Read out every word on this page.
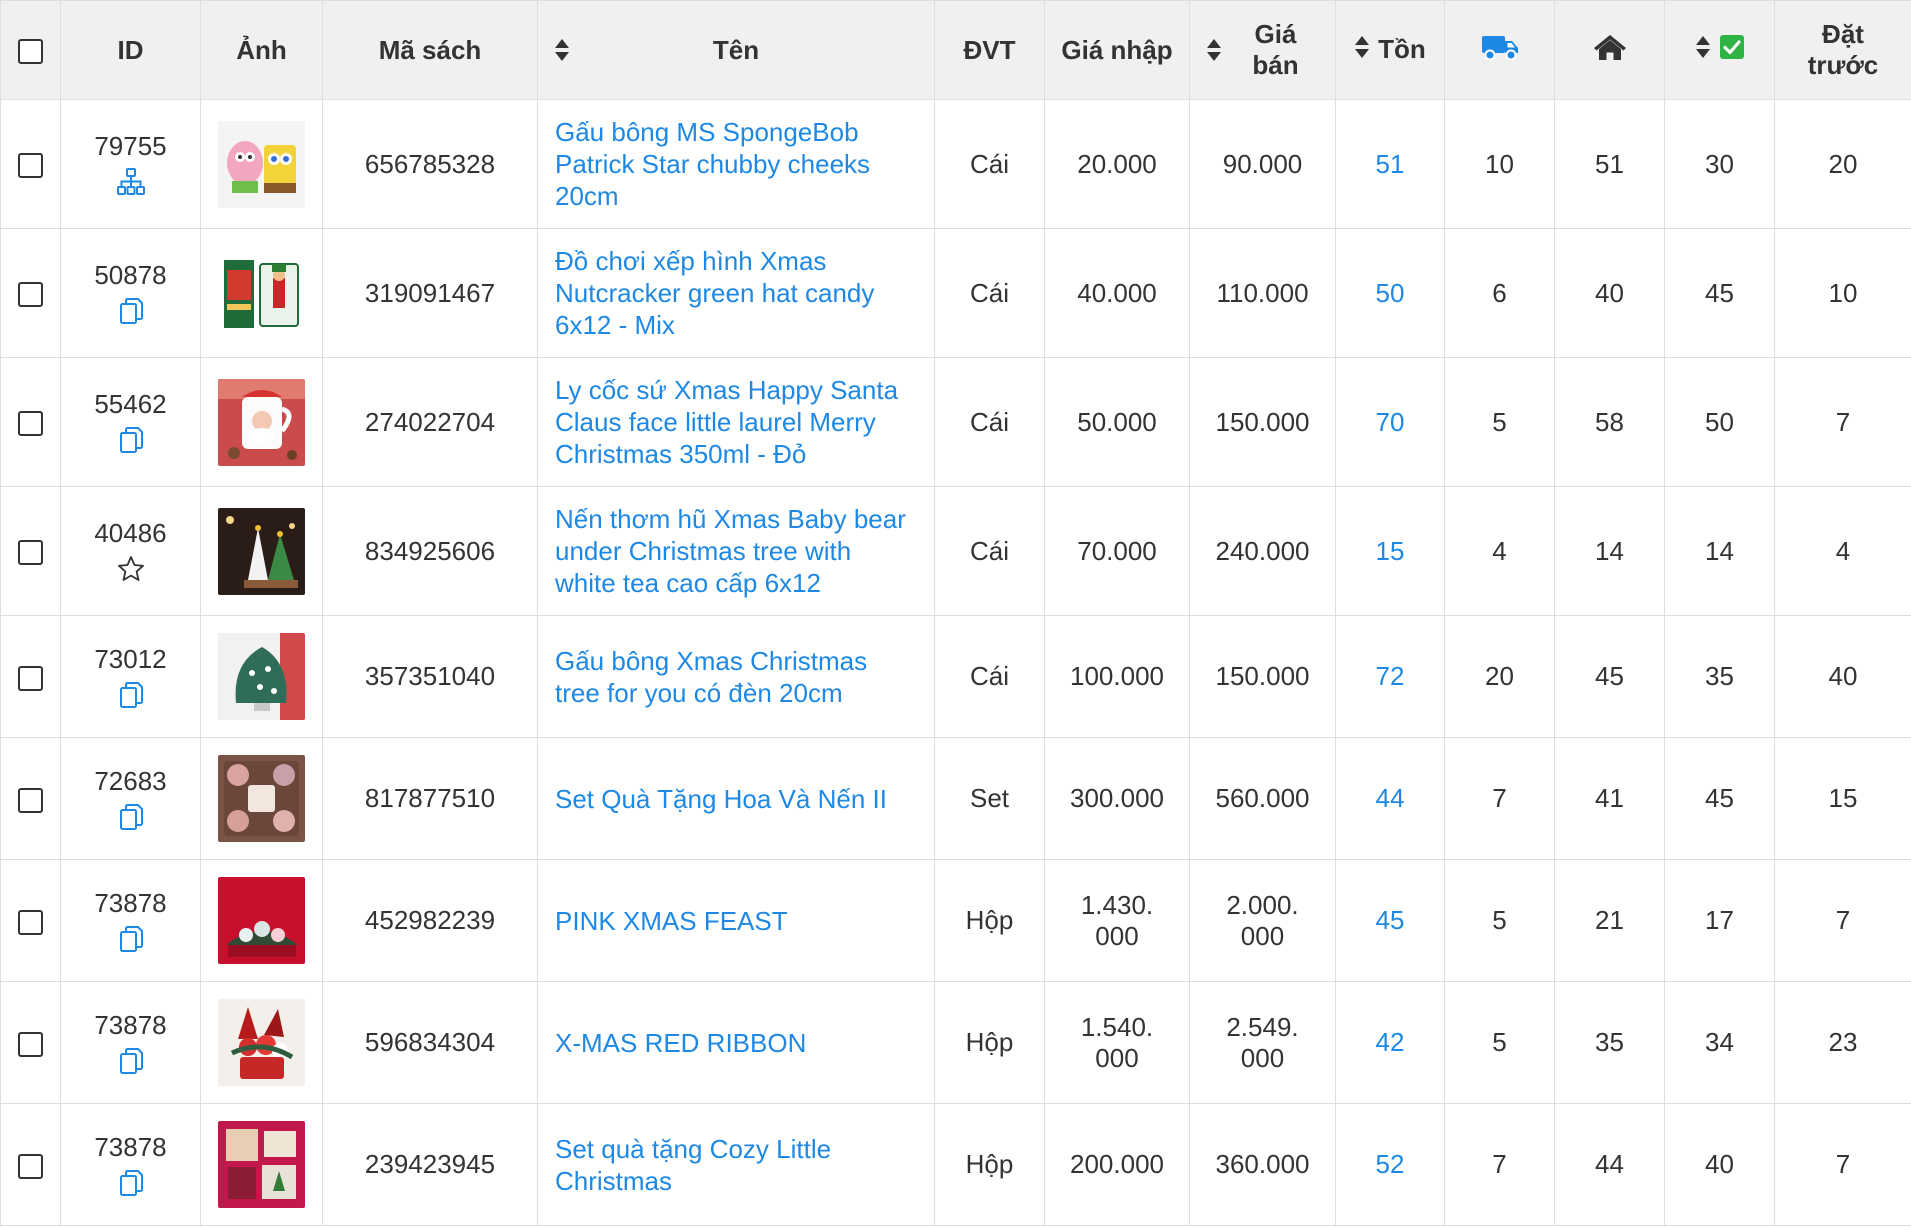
	ID	Ảnh	Mã sách	Tên	ĐVT	Giá nhập	Giá
bán	Tồn				Đặt
trước
	79755		656785328	Gấu bông MS SpongeBob
Patrick Star chubby cheeks
20cm	Cái	20.000	90.000	51	10	51	30	20
	50878		319091467	Đồ chơi xếp hình Xmas
Nutcracker green hat candy
6x12 - Mix	Cái	40.000	110.000	50	6	40	45	10
	55462		274022704	Ly cốc sứ Xmas Happy Santa
Claus face little laurel Merry
Christmas 350ml - Đỏ	Cái	50.000	150.000	70	5	58	50	7
	40486		834925606	Nến thơm hũ Xmas Baby bear
under Christmas tree with
white tea cao cấp 6x12	Cái	70.000	240.000	15	4	14	14	4
	73012		357351040	Gấu bông Xmas Christmas
tree for you có đèn 20cm	Cái	100.000	150.000	72	20	45	35	40
	72683		817877510	Set Quà Tặng Hoa Và Nến II	Set	300.000	560.000	44	7	41	45	15
	73878		452982239	PINK XMAS FEAST	Hộp	1.430.
000	2.000.
000	45	5	21	17	7
	73878		596834304	X-MAS RED RIBBON	Hộp	1.540.
000	2.549.
000	42	5	35	34	23
	73878		239423945	Set quà tặng Cozy Little
Christmas	Hộp	200.000	360.000	52	7	44	40	7
